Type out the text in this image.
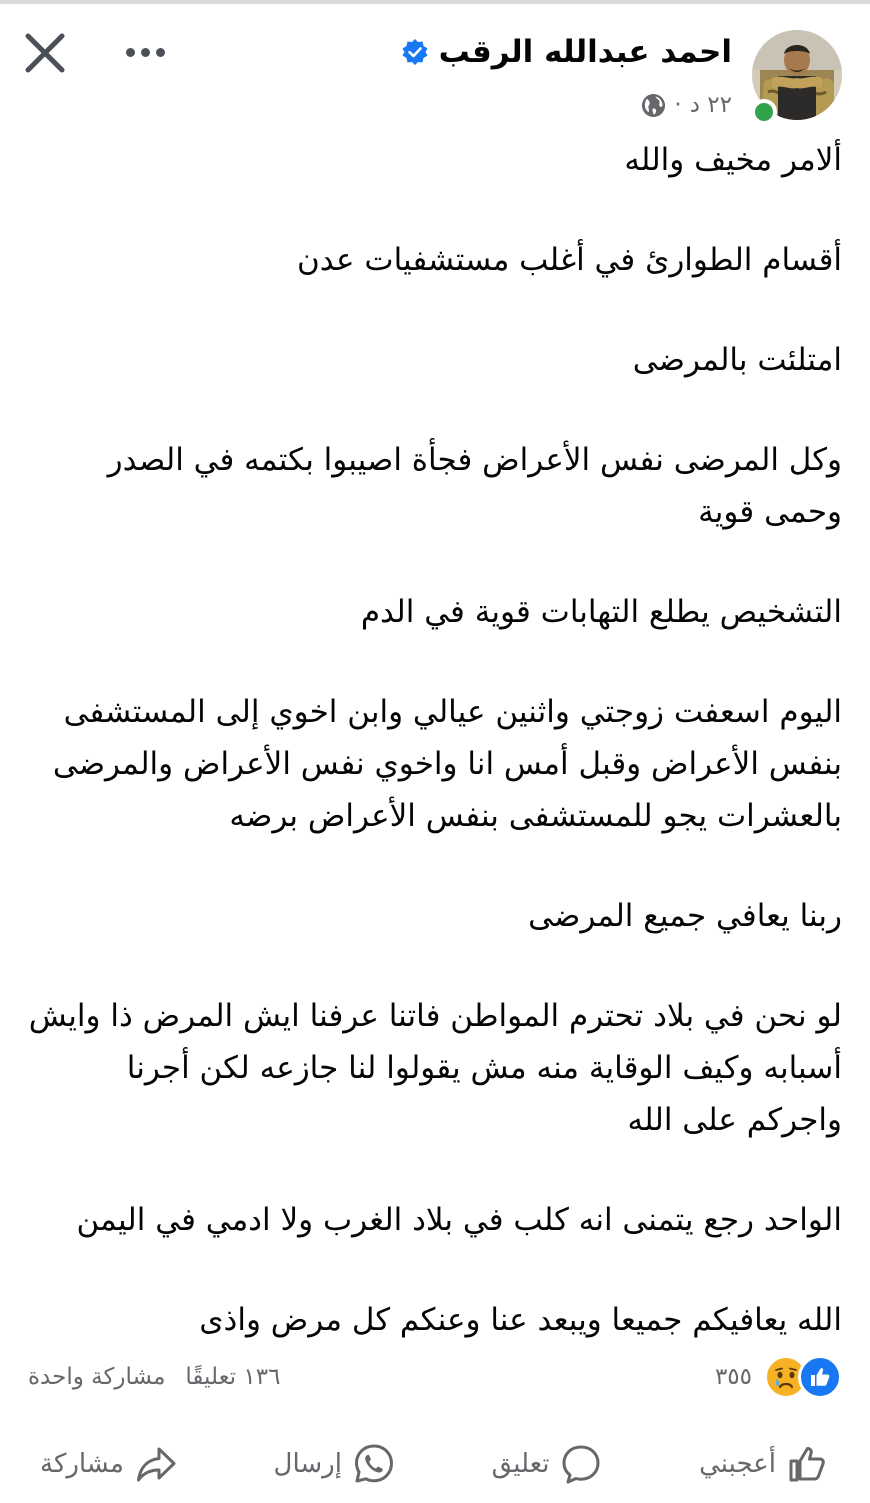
احمد عبدالله الرقب
٢٢ د
·

ألامر مخيف والله

أقسام الطوارئ في أغلب مستشفيات عدن

امتلئت بالمرضى

وكل المرضى نفس الأعراض فجأة اصيبوا بكتمه في الصدر وحمى قوية

التشخيص يطلع التهابات قوية في الدم

اليوم اسعفت زوجتي واثنين عيالي وابن اخوي إلى المستشفى بنفس الأعراض وقبل أمس انا واخوي نفس الأعراض والمرضى بالعشرات يجو للمستشفى بنفس الأعراض برضه

ربنا يعافي جميع المرضى

لو نحن في بلاد تحترم المواطن فاتنا عرفنا ايش المرض ذا وايش أسبابه وكيف الوقاية منه مش يقولوا لنا جازعه لكن أجرنا واجركم على الله

الواحد رجع يتمنى انه كلب في بلاد الغرب ولا ادمي في اليمن

الله يعافيكم جميعا ويبعد عنا وعنكم كل مرض واذى

٣٥٥
١٣٦ تعليقًا
مشاركة واحدة
أعجبني
تعليق
إرسال
مشاركة
